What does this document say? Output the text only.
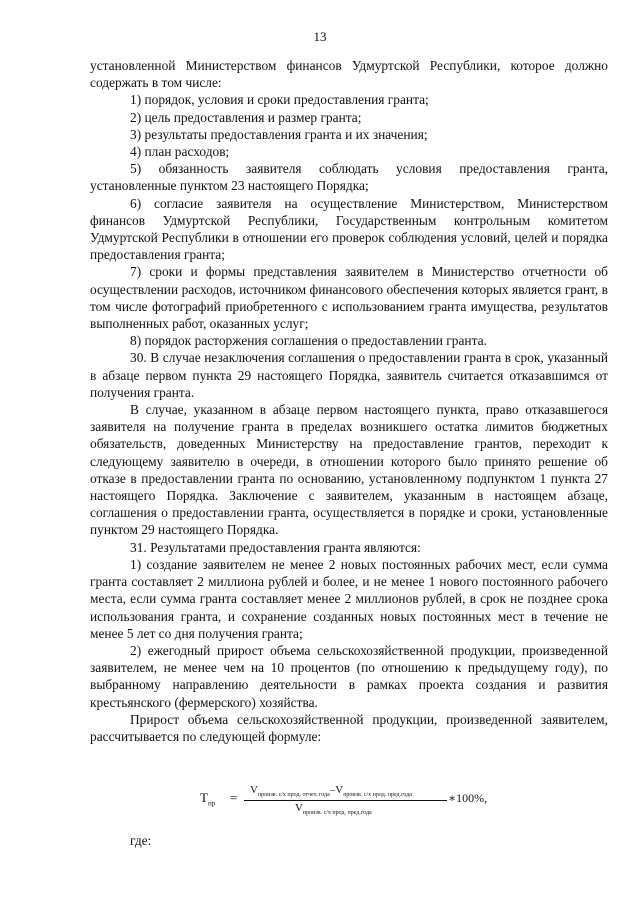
13

установленной Министерством финансов Удмуртской Республики, которое должно содержать в том числе:

1) порядок, условия и сроки предоставления гранта;

2) цель предоставления и размер гранта;

3) результаты предоставления гранта и их значения;

4) план расходов;

5) обязанность заявителя соблюдать условия предоставления гранта, установленные пунктом 23 настоящего Порядка;

6) согласие заявителя на осуществление Министерством, Министерством финансов Удмуртской Республики, Государственным контрольным комитетом Удмуртской Республики в отношении его проверок соблюдения условий, целей и порядка предоставления гранта;

7) сроки и формы представления заявителем в Министерство отчетности об осуществлении расходов, источником финансового обеспечения которых является грант, в том числе фотографий приобретенного с использованием гранта имущества, результатов выполненных работ, оказанных услуг;

8) порядок расторжения соглашения о предоставлении гранта.

30. В случае незаключения соглашения о предоставлении гранта в срок, указанный в абзаце первом пункта 29 настоящего Порядка, заявитель считается отказавшимся от получения гранта.

В случае, указанном в абзаце первом настоящего пункта, право отказавшегося заявителя на получение гранта в пределах возникшего остатка лимитов бюджетных обязательств, доведенных Министерству на предоставление грантов, переходит к следующему заявителю в очереди, в отношении которого было принято решение об отказе в предоставлении гранта по основанию, установленному подпунктом 1 пункта 27 настоящего Порядка. Заключение с заявителем, указанным в настоящем абзаце, соглашения о предоставлении гранта, осуществляется в порядке и сроки, установленные пунктом 29 настоящего Порядка.

31. Результатами предоставления гранта являются:

1) создание заявителем не менее 2 новых постоянных рабочих мест, если сумма гранта составляет 2 миллиона рублей и более, и не менее 1 нового постоянного рабочего места, если сумма гранта составляет менее 2 миллионов рублей, в срок не позднее срока использования гранта, и сохранение созданных новых постоянных мест в течение не менее 5 лет со дня получения гранта;

2) ежегодный прирост объема сельскохозяйственной продукции, произведенной заявителем, не менее чем на 10 процентов (по отношению к предыдущему году), по выбранному направлению деятельности в рамках проекта создания и развития крестьянского (фермерского) хозяйства.

Прирост объема сельскохозяйственной продукции, произведенной заявителем, рассчитывается по следующей формуле:

$T_{пр} = V_{произв. с/х прод. отчет. года}-V_{произв. с/х прод. пред.года}$
$V_{произв. с/х прод. пред.года}$
∗100%,
где:
